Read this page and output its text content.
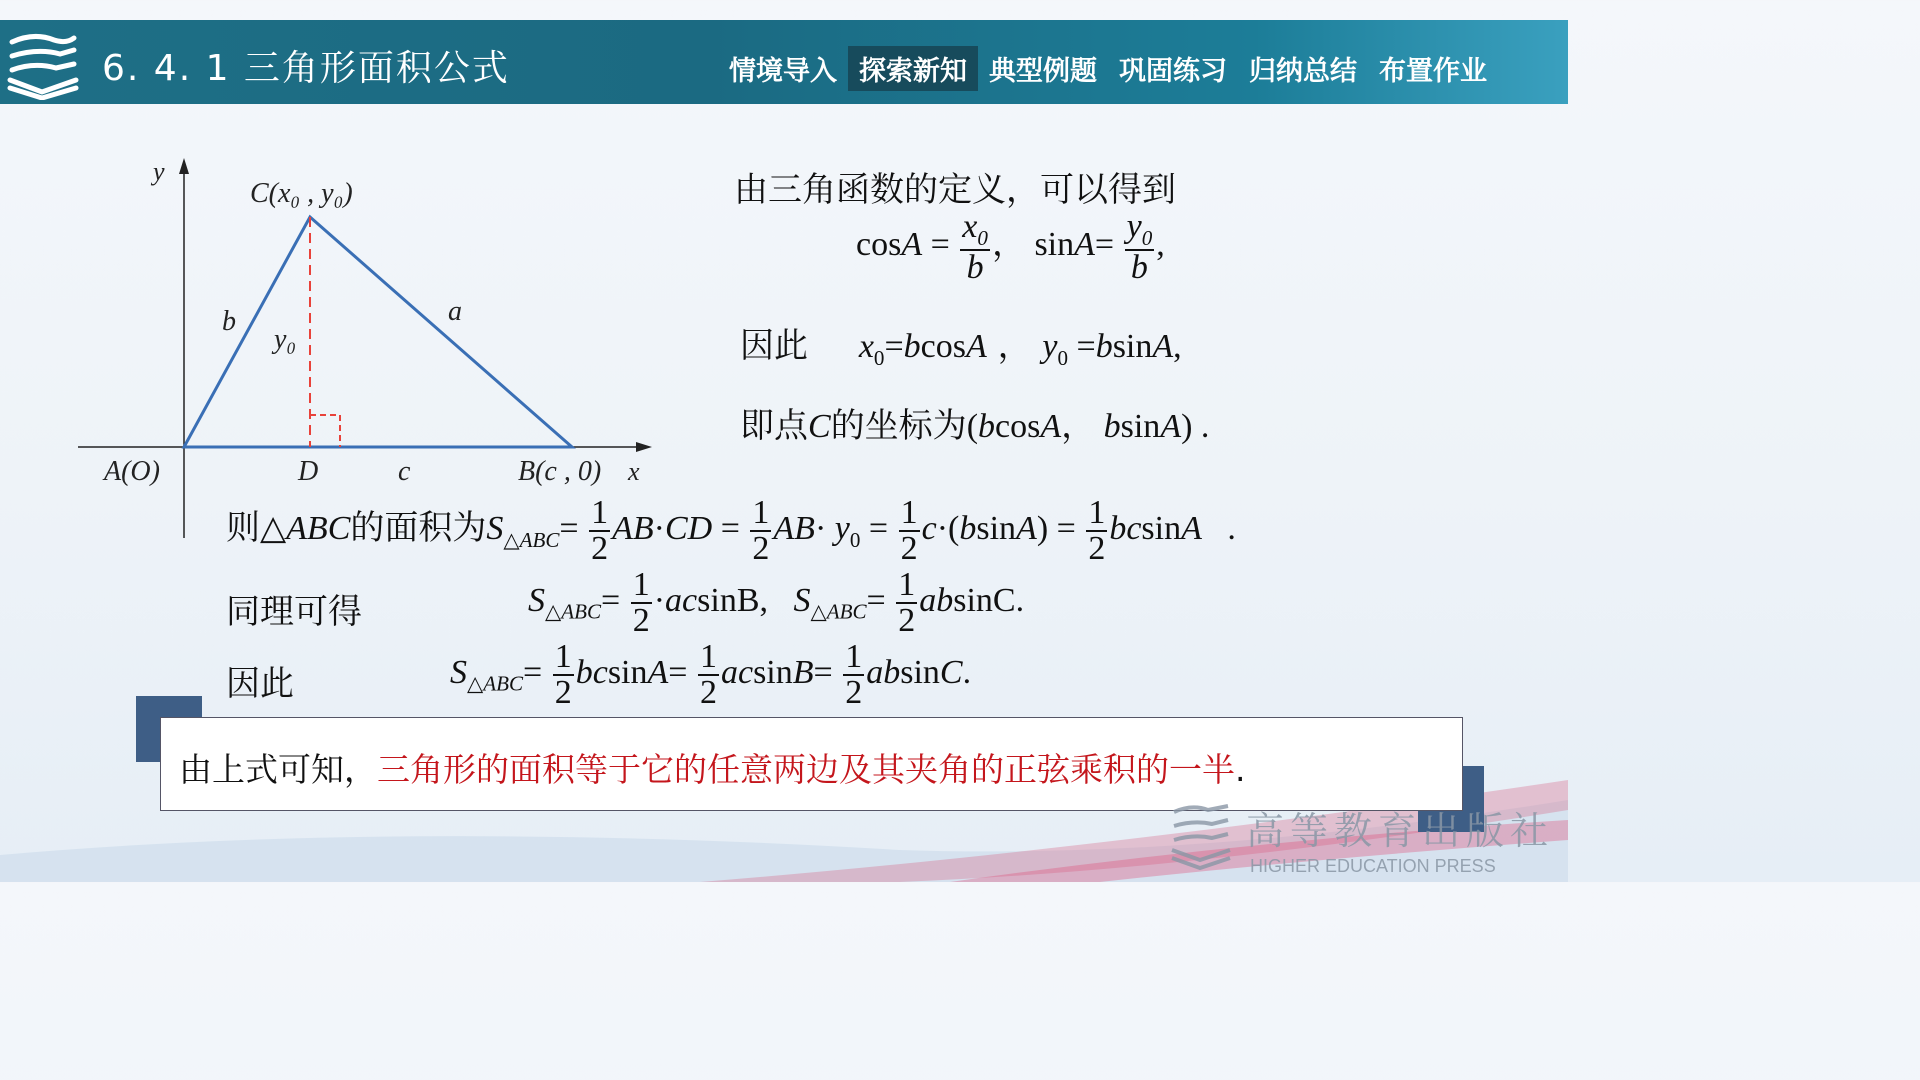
6. 4. 1 三角形面积公式	情境导入 探索新知 典型例题 巩固练习 归纳总结 布置作业
y
x
C(x₀ , y₀)
A(O)	D	c	B(c , 0)
a
b
y₀
由三角函数的定义，可以得到
$\cos A = \frac{x_0}{b}$ ， $\sin A= \frac{y_0}{b}$ ,
因此 $x_0=bcosA$ ， $y_0 =bsinA$,
即点C的坐标为(bcosA， bsinA) .
则△ABC的面积为$S_{\triangle ABC}= \frac{1}{2} AB\cdot CD = \frac{1}{2} AB\cdot y_0 = \frac{1}{2} c\cdot(bsinA) = \frac{1}{2}$ bcsinA   .
同理可得	$S_{\triangle ABC}= \frac{1}{2} \cdot acsinB$,   $S_{\triangle ABC}= \frac{1}{2} absinC$.
因此	$S_{\triangle ABC}= \frac{1}{2} bcsinA= \frac{1}{2} acsinB= \frac{1}{2} absinC$.
由上式可知，三角形的面积等于它的任意两边及其夹角的正弦乘积的一半.
高等教育出版社
HIGHER EDUCATION PRESS
